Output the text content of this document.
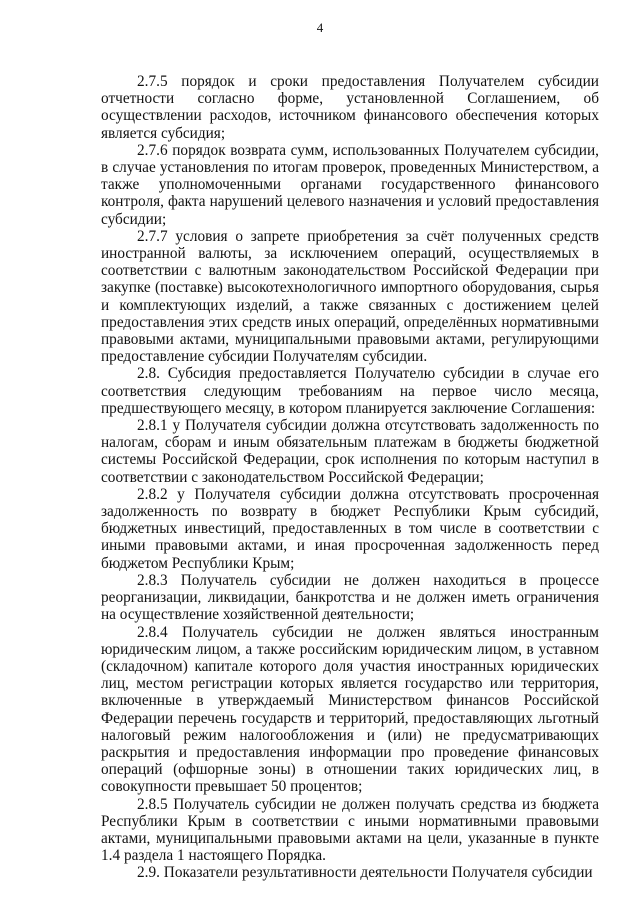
4

2.7.5 порядок и сроки предоставления Получателем субсидии отчетности согласно форме, установленной Соглашением, об осуществлении расходов, источником финансового обеспечения которых является субсидия;

2.7.6 порядок возврата сумм, использованных Получателем субсидии, в случае установления по итогам проверок, проведенных Министерством, а также уполномоченными органами государственного финансового контроля, факта нарушений целевого назначения и условий предоставления субсидии;

2.7.7 условия о запрете приобретения за счёт полученных средств иностранной валюты, за исключением операций, осуществляемых в соответствии с валютным законодательством Российской Федерации при закупке (поставке) высокотехнологичного импортного оборудования, сырья и комплектующих изделий, а также связанных с достижением целей предоставления этих средств иных операций, определённых нормативными правовыми актами, муниципальными правовыми актами, регулирующими предоставление субсидии Получателям субсидии.

2.8. Субсидия предоставляется Получателю субсидии в случае его соответствия следующим требованиям на первое число месяца, предшествующего месяцу, в котором планируется заключение Соглашения:

2.8.1 у Получателя субсидии должна отсутствовать задолженность по налогам, сборам и иным обязательным платежам в бюджеты бюджетной системы Российской Федерации, срок исполнения по которым наступил в соответствии с законодательством Российской Федерации;

2.8.2 у Получателя субсидии должна отсутствовать просроченная задолженность по возврату в бюджет Республики Крым субсидий, бюджетных инвестиций, предоставленных в том числе в соответствии с иными правовыми актами, и иная просроченная задолженность перед бюджетом Республики Крым;

2.8.3 Получатель субсидии не должен находиться в процессе реорганизации, ликвидации, банкротства и не должен иметь ограничения на осуществление хозяйственной деятельности;

2.8.4 Получатель субсидии не должен являться иностранным юридическим лицом, а также российским юридическим лицом, в уставном (складочном) капитале которого доля участия иностранных юридических лиц, местом регистрации которых является государство или территория, включенные в утверждаемый Министерством финансов Российской Федерации перечень государств и территорий, предоставляющих льготный налоговый режим налогообложения и (или) не предусматривающих раскрытия и предоставления информации про проведение финансовых операций (офшорные зоны) в отношении таких юридических лиц, в совокупности превышает 50 процентов;

2.8.5 Получатель субсидии не должен получать средства из бюджета Республики Крым в соответствии с иными нормативными правовыми актами, муниципальными правовыми актами на цели, указанные в пункте 1.4 раздела 1 настоящего Порядка.

2.9. Показатели результативности деятельности Получателя субсидии
